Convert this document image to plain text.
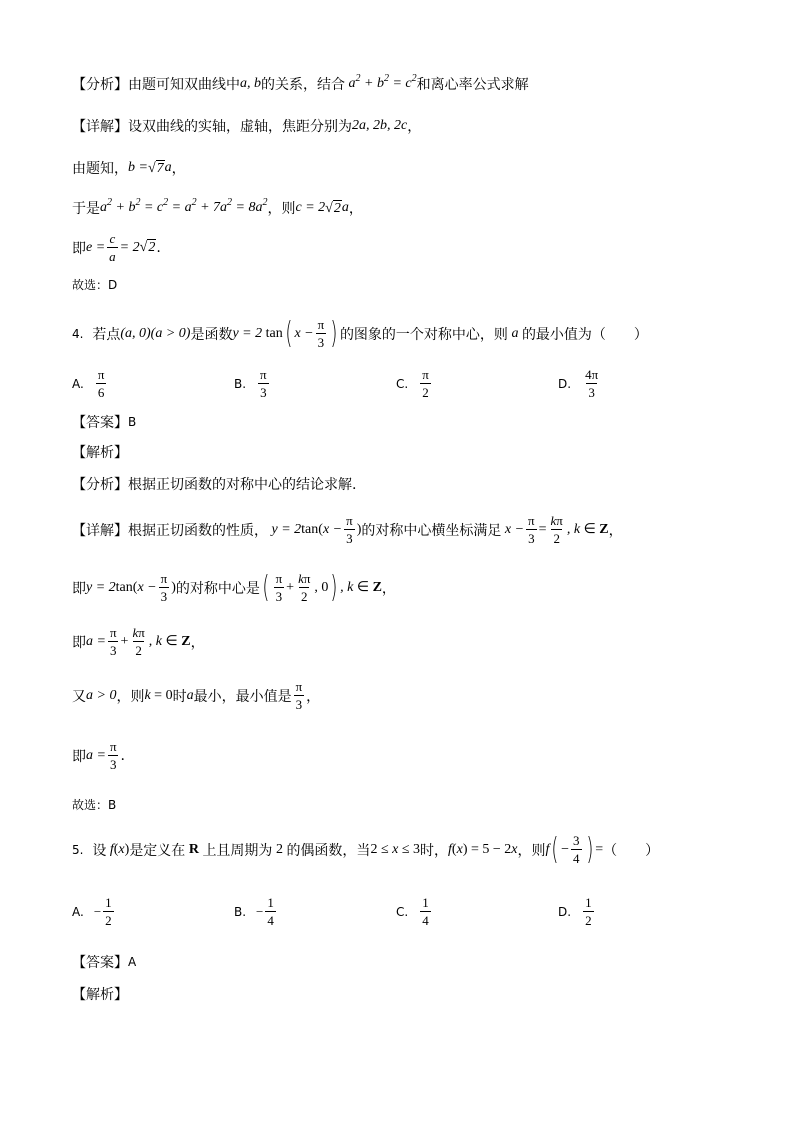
【分析】 由题可知双曲线中 a, b 的关系，结合 $a^2 + b^2 = c^2$ 和离心率公式求解
【详解】 设双曲线的实轴，虚轴，焦距分别为 2a, 2b, 2c ，
由题知， b = √ 7 a ，
于是 $a^2 + b^2 = c^2 = a^2 + 7a^2 = 8a^2$ ，则 c = 2 √ 2 a ，
即 $e = \frac{c}{a} = 2$ √ 2 .
故选：D
4.
若点 (a, 0)(a > 0) 是函数 y = 2 tan ( $x - \frac{\pi}{3}$ ) 的图象的一个对称中心，则 a 的最小值为（　　）
A. $\frac{\pi}{6}$	B. $\frac{\pi}{3}$	C. $\frac{\pi}{2}$	D. $\frac{4\pi}{3}$
【答案】 B
【解析】
【分析】 根据正切函数的对称中心的结论求解.
【详解】 根据正切函数的性质， y = 2 tan( $x - \frac{\pi}{3}$ ) 的对称中心横坐标满足 $x - \frac{\pi}{3} = \frac{k\pi}{2}$ , k ∈ Z ，
即 y = 2 tan( $x - \frac{\pi}{3}$ ) 的对称中心是 ( $\frac{\pi}{3} + \frac{k\pi}{2}$ , 0 ) , k ∈ Z ，
即 $a = \frac{\pi}{3} + \frac{k\pi}{2}$ , k ∈ Z ，
又 a > 0 ，则 k = 0 时 a 最小，最小值是 $\frac{\pi}{3}$ ，
即 $a = \frac{\pi}{3}$ .
故选：B
5.
设 f ( x ) 是定义在 R 上且周期为 2 的偶函数，当 2 ≤ x ≤ 3 时， f ( x ) = 5 − 2 x ，则 f ( − $\frac{3}{4}$ ) = （　　）
A. − $\frac{1}{2}$	B. − $\frac{1}{4}$	C. $\frac{1}{4}$	D. $\frac{1}{2}$
【答案】 A
【解析】
